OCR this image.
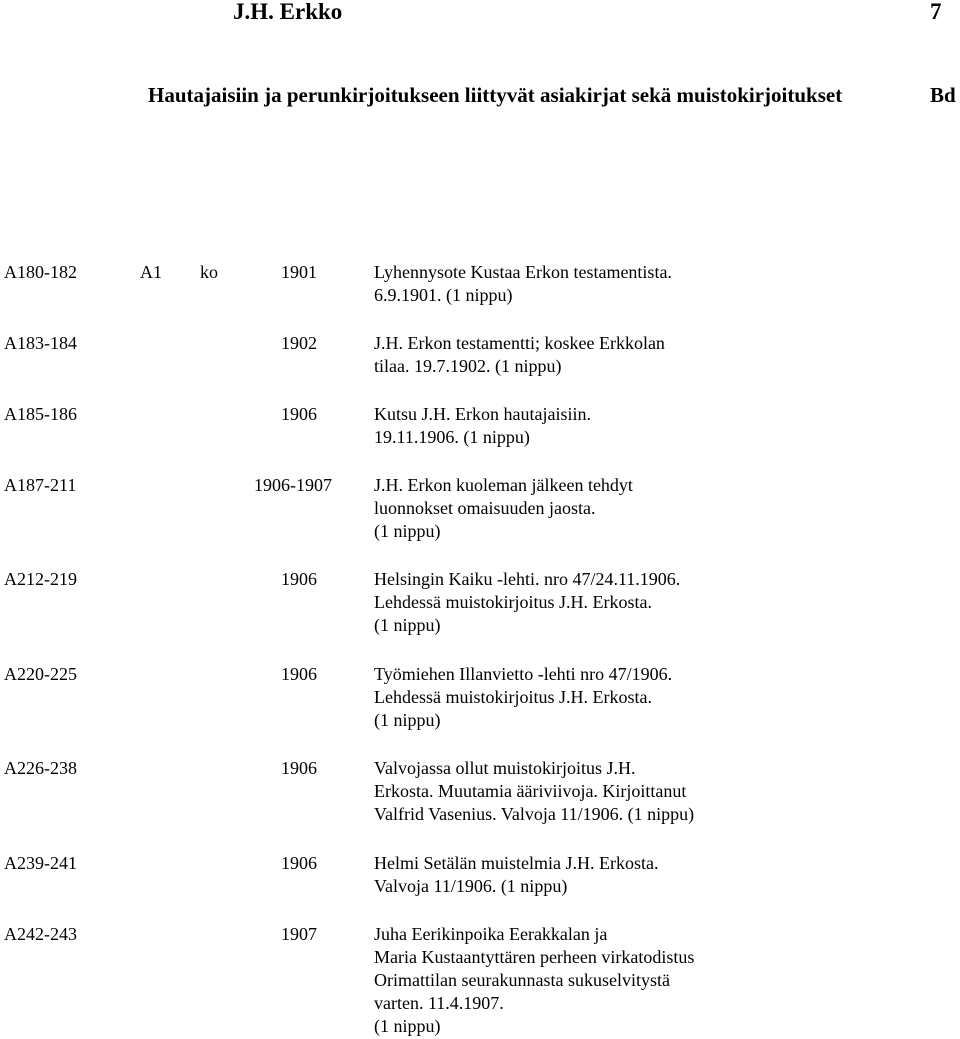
J.H. Erkko	7
Hautajaisiin ja perunkirjoitukseen liittyvät asiakirjat sekä muistokirjoitukset	Bd
A180-182	A1 ko	1901	Lyhennysote Kustaa Erkon testamentista.
6.9.1901. (1 nippu)
A183-184	1902	J.H. Erkon testamentti; koskee Erkkolan
tilaa. 19.7.1902. (1 nippu)
A185-186	1906	Kutsu J.H. Erkon hautajaisiin.
19.11.1906. (1 nippu)
A187-211	1906-1907 J.H. Erkon kuoleman jälkeen tehdyt
luonnokset omaisuuden jaosta.
(1 nippu)
A212-219	1906	Helsingin Kaiku -lehti. nro 47/24.11.1906.
Lehdessä muistokirjoitus J.H. Erkosta.
(1 nippu)
A220-225	1906	Työmiehen Illanvietto -lehti nro 47/1906.
Lehdessä muistokirjoitus J.H. Erkosta.
(1 nippu)
A226-238	1906	Valvojassa ollut muistokirjoitus J.H.
Erkosta. Muutamia ääriviivoja. Kirjoittanut
Valfrid Vasenius. Valvoja 11/1906. (1 nippu)
A239-241	1906	Helmi Setälän muistelmia J.H. Erkosta.
Valvoja 11/1906. (1 nippu)
A242-243	1907	Juha Eerikinpoika Eerakkalan ja
Maria Kustaantyttären perheen virkatodistus
Orimattilan seurakunnasta sukuselvitystä
varten. 11.4.1907.
(1 nippu)
